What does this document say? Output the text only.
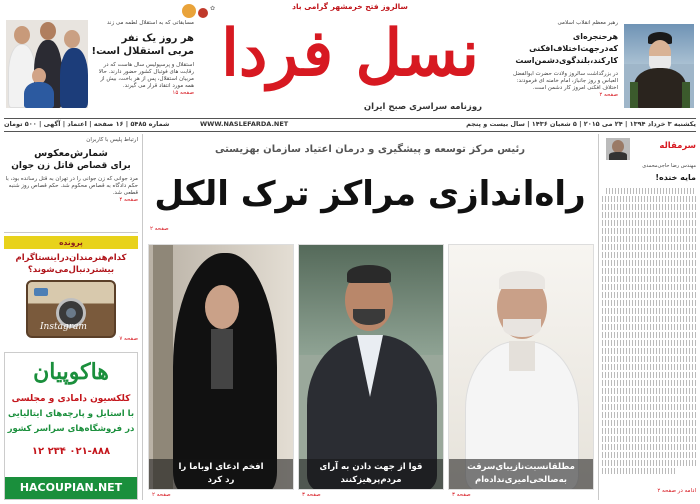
سالروز فتح خرمشهر گرامی باد
نسل فردا
روزنامه سراسری صبح ایران
✿
مسابقاتی که به استقلال لطمه می زند
هر روز یک نفر
مربی استقلال است!
استقلال و پرسپولیس سال هاست که در رقابت های فوتبال کشور حضور دارند. حالا مربیان استقلال، پس از هر باخت، بیش از همه مورد انتقاد قرار می گیرند.
صفحه ۱۵
رهبر معظم انقلاب اسلامی
هرحنجره‌ای که‌درجهت‌اختلاف‌افکنی
کارکند،بلندگوی‌دشمن‌است
در بزرگداشت سالروز ولادت حضرت ابوالفضل العباس و روز جانباز، امام خامنه ای فرمودند: اختلاف افکنی امروز کار دشمن است.
صفحه ۲
یکشنبه ۳ خرداد ۱۳۹۴ | ۲۴ می ۲۰۱۵ | ۵ شعبان ۱۴۳۶ | سال بیست و پنجم
WWW.NASLEFARDA.NET
شماره ۵۴۸۵ | ۱۶ صفحه | اعتماد | آگهی | ۵۰۰ تومان
ارتباط پلیس با کاربران
شمارش‌معکوس
برای قصاص قاتل زن جوان
مرد جوانی که زن جوانی را در تهران به قتل رسانده بود، با حکم دادگاه به قصاص محکوم شد. حکم قصاص روز شنبه قطعی شد.
صفحه ۴
پرونده
کدام‌هنرمندان‌دراینستاگرام
بیشتر‌دنبال‌می‌شوند؟
Instagram
صفحه ۷
هاکوپیان
کلکسیون دامادی و مجلسی
با استایل و پارچه‌های ایتالیایی
در فروشگاه‌های سراسر کشور
۰۲۱-۸۸۸ ۲۳۴ ۱۲
HACOUPIAN.NET
سرمقاله
مهندس رضا حاجی‌محمدی
مایه خنده!
ادامه در صفحه ۲
رئیس مرکز توسعه و پیشگیری و درمان اعتیاد سازمان بهزیستی
راه‌اندازی مراکز ترک الکل
صفحه ۲
مطلقانسبت‌نازیبای‌سرقت
به‌صالحی‌امیری‌نداده‌ام
صفحه ۳
قوا از جهت دادن به آرای
مردم‌پرهیزکنند
صفحه ۳
افخم ادعای اوباما را
رد کرد
صفحه ۲
